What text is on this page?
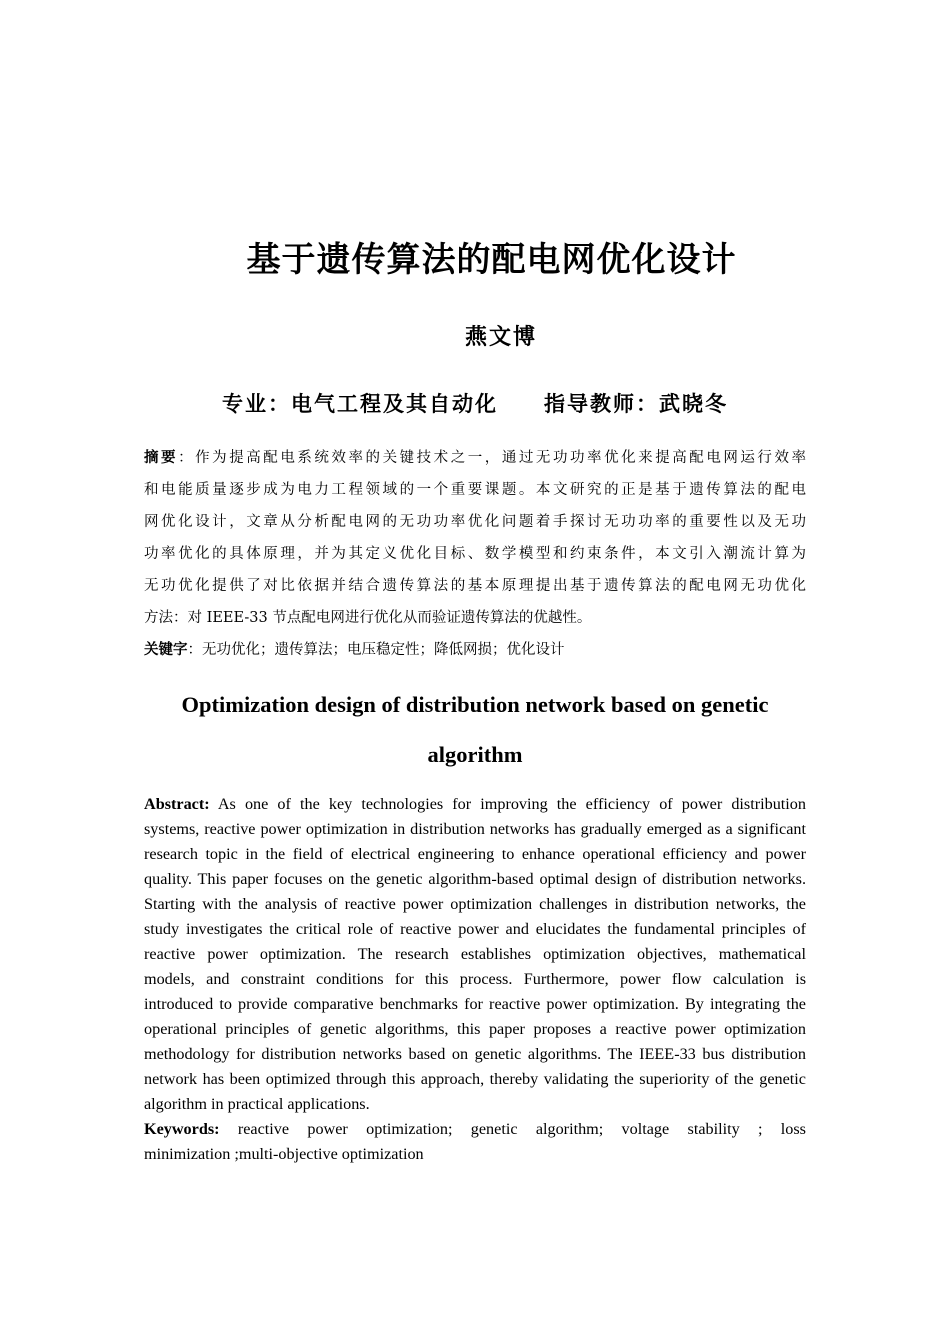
基于遗传算法的配电网优化设计
燕文博
专业：电气工程及其自动化 指导教师：武晓冬
摘要：作为提高配电系统效率的关键技术之一，通过无功功率优化来提高配电网运行效率
和电能质量逐步成为电力工程领域的一个重要课题。本文研究的正是基于遗传算法的配电
网优化设计，文章从分析配电网的无功功率优化问题着手探讨无功功率的重要性以及无功
功率优化的具体原理，并为其定义优化目标、数学模型和约束条件，本文引入潮流计算为
无功优化提供了对比依据并结合遗传算法的基本原理提出基于遗传算法的配电网无功优化
方法：对 IEEE-33 节点配电网进行优化从而验证遗传算法的优越性。
关键字：无功优化；遗传算法；电压稳定性；降低网损；优化设计
Optimization design of distribution network based on genetic
algorithm
Abstract: As one of the key technologies for improving the efficiency of power distribution
systems, reactive power optimization in distribution networks has gradually emerged as a significant
research topic in the field of electrical engineering to enhance operational efficiency and power
quality. This paper focuses on the genetic algorithm-based optimal design of distribution networks.
Starting with the analysis of reactive power optimization challenges in distribution networks, the
study investigates the critical role of reactive power and elucidates the fundamental principles of
reactive power optimization. The research establishes optimization objectives, mathematical
models, and constraint conditions for this process. Furthermore, power flow calculation is
introduced to provide comparative benchmarks for reactive power optimization. By integrating the
operational principles of genetic algorithms, this paper proposes a reactive power optimization
methodology for distribution networks based on genetic algorithms. The IEEE-33 bus distribution
network has been optimized through this approach, thereby validating the superiority of the genetic
algorithm in practical applications.
Keywords: reactive power optimization; genetic algorithm; voltage stability ; loss
minimization ;multi-objective optimization
